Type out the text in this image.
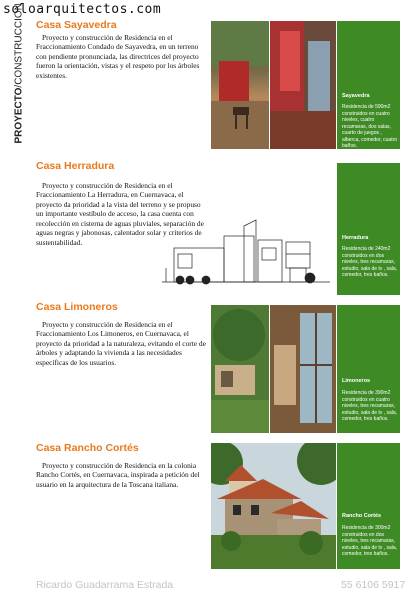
soloarquitectos.com
PROYECTO/CONSTRUCCION Casa Sayavedra
Proyecto y construcción de Residencia en el Fraccionamiento Condado de Sayavedra, en un terreno con pendiente pronunciada, las directrices del proyecto fueron la orientación, vistas y el respeto por los árboles existentes.
Sayavedra
Residencia de 590m2 construidos en cuatro niveles, cuatro recamaras, dos salas, cuarto de juegos , alberca, comedor, cuatro baños.
Casa Herradura
Proyecto y construcción de Residencia en el Fraccionamiento La Herradura, en Cuernavaca, el proyecto da prioridad a la vista del terreno y se propuso un importante vestíbulo de acceso, la casa cuenta con recolección en cisterna de aguas pluviales, separación de aguas negras y jabonosas, calentador solar y criterios de sustentabilidad.	Herradura
Residencia de 240m2 construidos en dos niveles, tres recamaras, estudio, sala de tv , sala, comedor, tres baños.
Casa Limoneros
Proyecto y construcción de Residencia en el Fraccionamiento Los Limoneros, en Cuernavaca, el proyecto da prioridad a la naturaleza, evitando el corte de árboles y adaptando la vivienda a las necesidades específicas de los usuarios.
Limoneros
Residencia de 390m2 construidos en cuatro niveles, tres recamaras, estudio, sala de tv , sala, comedor, tres baños.
Casa Rancho Cortés
Proyecto y construcción de Residencia en la colonia Rancho Cortés, en Cuernavaca, inspirada a petición del usuario en la arquitectura de la Toscana italiana.
Rancho Cortés
Residencia de 300m2 construidos en dos niveles, tres recamaras, estudio, sala de tv , sala, comedor, tres baños.
Ricardo Guadarrama Estrada	55 6106 5917
